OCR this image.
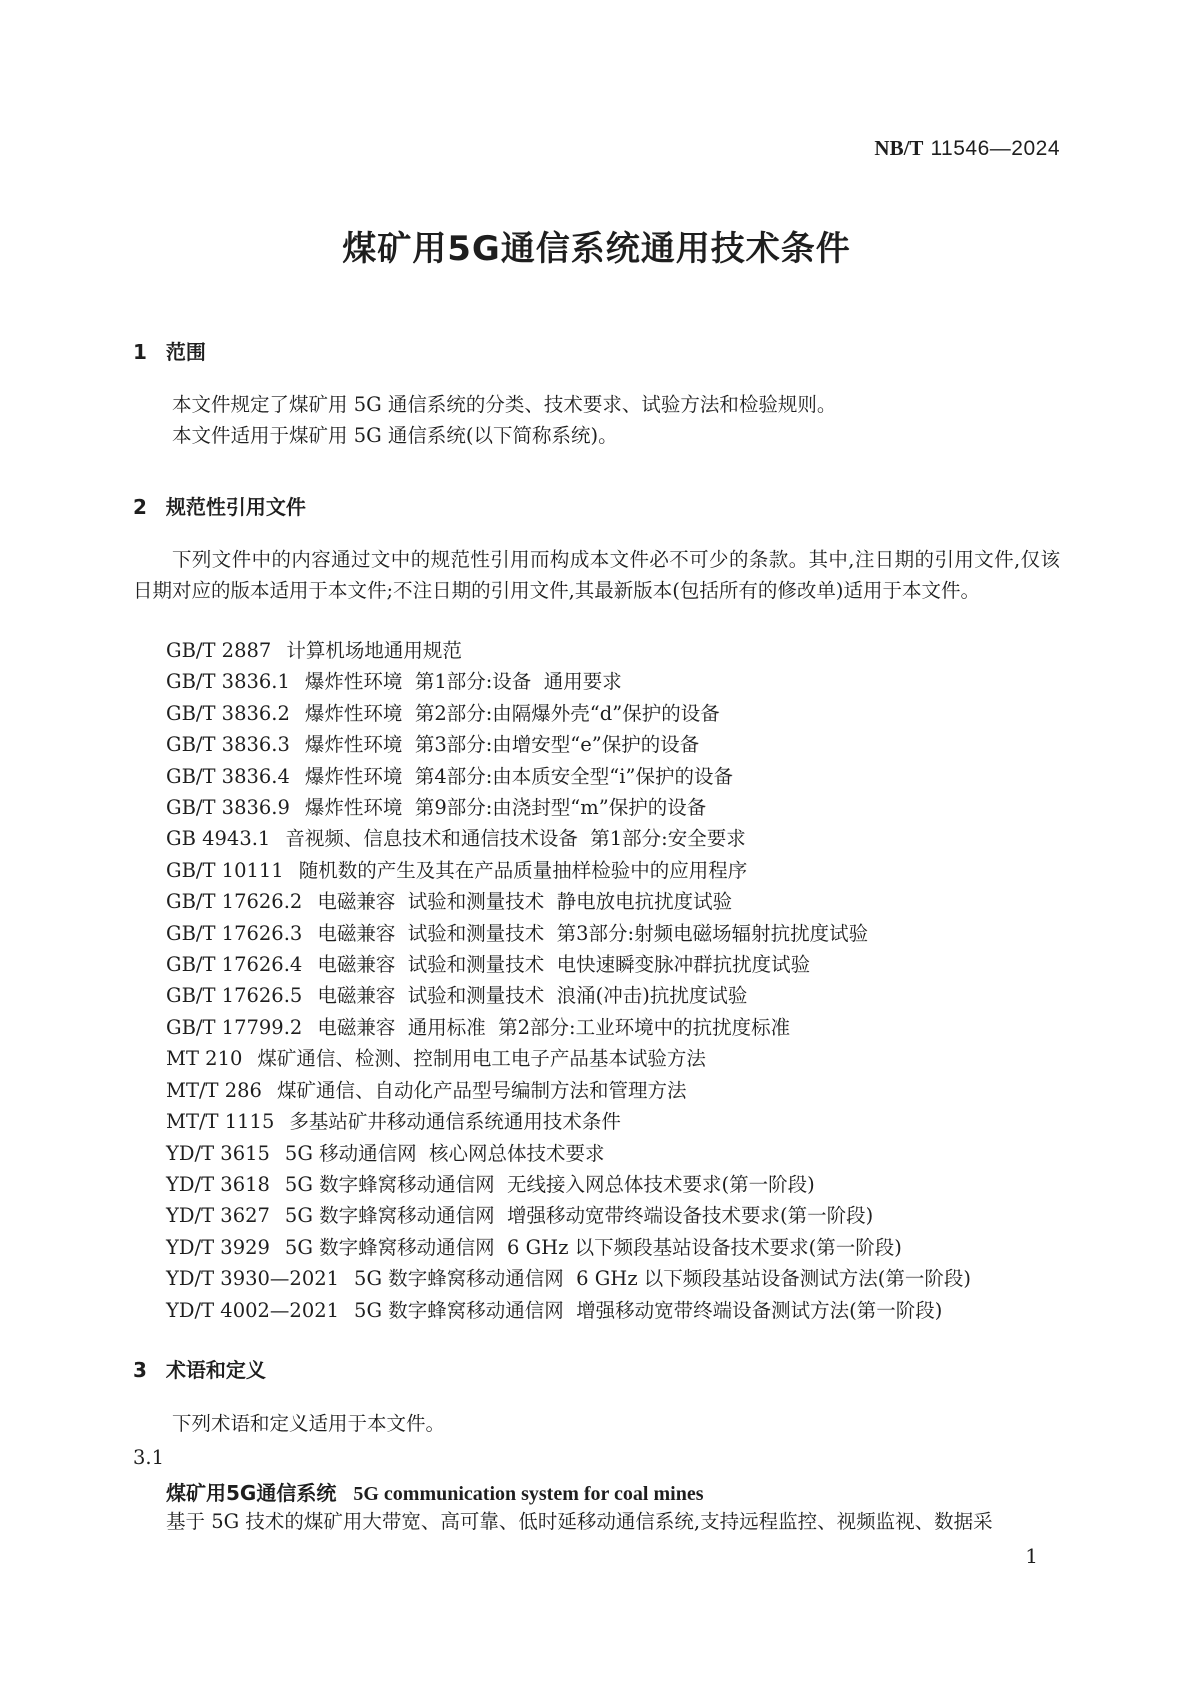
NB/T 11546—2024
煤矿用5G通信系统通用技术条件
1 范围

本文件规定了煤矿用 5G 通信系统的分类、技术要求、试验方法和检验规则。

本文件适用于煤矿用 5G 通信系统(以下简称系统)。

2 规范性引用文件

下列文件中的内容通过文中的规范性引用而构成本文件必不可少的条款。其中,注日期的引用文件,仅该日期对应的版本适用于本文件;不注日期的引用文件,其最新版本(包括所有的修改单)适用于本文件。

GB/T 2887 计算机场地通用规范
GB/T 3836.1 爆炸性环境  第1部分:设备  通用要求
GB/T 3836.2 爆炸性环境  第2部分:由隔爆外壳“d”保护的设备
GB/T 3836.3 爆炸性环境  第3部分:由增安型“e”保护的设备
GB/T 3836.4 爆炸性环境  第4部分:由本质安全型“i”保护的设备
GB/T 3836.9 爆炸性环境  第9部分:由浇封型“m”保护的设备
GB 4943.1 音视频、信息技术和通信技术设备  第1部分:安全要求
GB/T 10111 随机数的产生及其在产品质量抽样检验中的应用程序
GB/T 17626.2 电磁兼容  试验和测量技术  静电放电抗扰度试验
GB/T 17626.3 电磁兼容  试验和测量技术  第3部分:射频电磁场辐射抗扰度试验
GB/T 17626.4 电磁兼容  试验和测量技术  电快速瞬变脉冲群抗扰度试验
GB/T 17626.5 电磁兼容  试验和测量技术  浪涌(冲击)抗扰度试验
GB/T 17799.2 电磁兼容  通用标准  第2部分:工业环境中的抗扰度标准
MT 210 煤矿通信、检测、控制用电工电子产品基本试验方法
MT/T 286 煤矿通信、自动化产品型号编制方法和管理方法
MT/T 1115 多基站矿井移动通信系统通用技术条件
YD/T 3615 5G 移动通信网  核心网总体技术要求
YD/T 3618 5G 数字蜂窝移动通信网  无线接入网总体技术要求(第一阶段)
YD/T 3627 5G 数字蜂窝移动通信网  增强移动宽带终端设备技术要求(第一阶段)
YD/T 3929 5G 数字蜂窝移动通信网  6 GHz 以下频段基站设备技术要求(第一阶段)
YD/T 3930—2021 5G 数字蜂窝移动通信网  6 GHz 以下频段基站设备测试方法(第一阶段)
YD/T 4002—2021 5G 数字蜂窝移动通信网  增强移动宽带终端设备测试方法(第一阶段)
3 术语和定义

下列术语和定义适用于本文件。

3.1
煤矿用5G通信系统 5G communication system for coal mines
基于 5G 技术的煤矿用大带宽、高可靠、低时延移动通信系统,支持远程监控、视频监视、数据采
1
